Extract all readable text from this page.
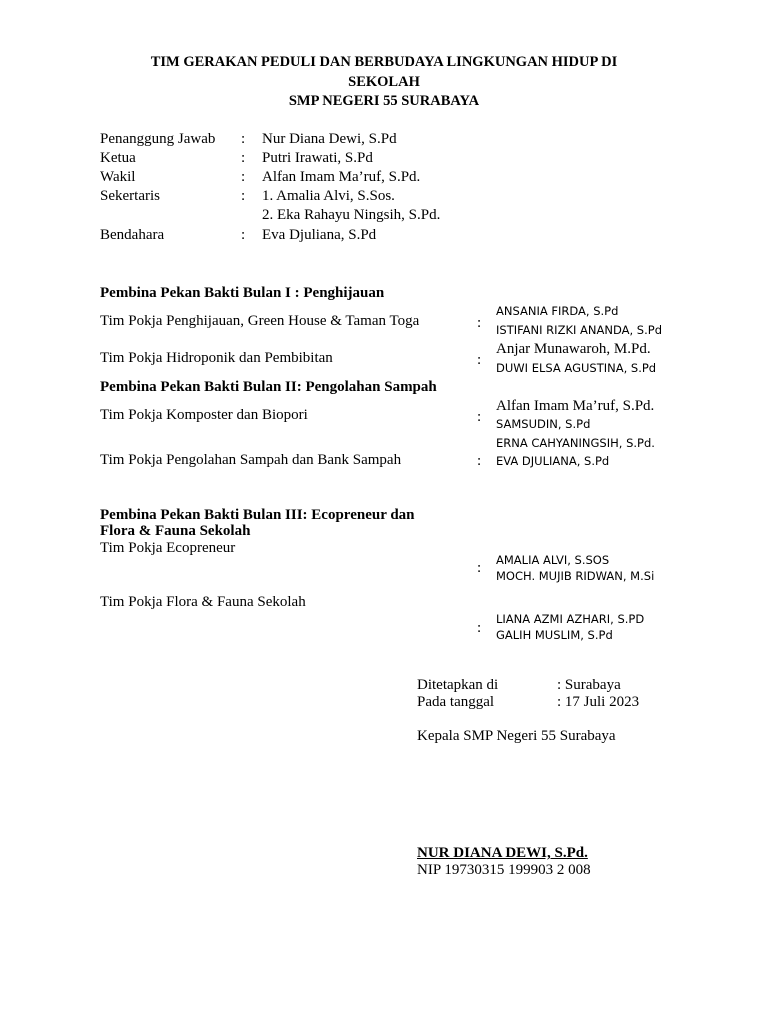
TIM GERAKAN PEDULI DAN BERBUDAYA LINGKUNGAN HIDUP DI
SEKOLAH
SMP NEGERI 55 SURABAYA
Penanggung Jawab : Nur Diana Dewi, S.Pd
Ketua	: Putri Irawati, S.Pd
Wakil	: Alfan Imam Ma’ruf, S.Pd.
Sekertaris	: 1. Amalia Alvi, S.Sos.
2. Eka Rahayu Ningsih, S.Pd.
Bendahara	: Eva Djuliana, S.Pd
Pembina Pekan Bakti Bulan I : Penghijauan
Tim Pokja Penghijauan, Green House & Taman Toga	:
ANSANIA FIRDA, S.Pd
ISTIFANI RIZKI ANANDA, S.Pd
Tim Pokja Hidroponik dan Pembibitan	:
Anjar Munawaroh, M.Pd.
DUWI ELSA AGUSTINA, S.Pd
Pembina Pekan Bakti Bulan II: Pengolahan Sampah
Tim Pokja Komposter dan Biopori	:
Alfan Imam Ma’ruf, S.Pd.
SAMSUDIN, S.Pd
Tim Pokja Pengolahan Sampah dan Bank Sampah	:
ERNA CAHYANINGSIH, S.Pd.
EVA DJULIANA, S.Pd
Pembina Pekan Bakti Bulan III: Ecopreneur dan
Flora & Fauna Sekolah
Tim Pokja Ecopreneur
: AMALIA ALVI, S.SOS
MOCH. MUJIB RIDWAN, M.Si
Tim Pokja Flora & Fauna Sekolah
:
LIANA AZMI AZHARI, S.PD
GALIH MUSLIM, S.Pd
Ditetapkan di	: Surabaya
Pada tanggal	: 17 Juli 2023
Kepala SMP Negeri 55 Surabaya
NUR DIANA DEWI, S.Pd.
NIP 19730315 199903 2 008
